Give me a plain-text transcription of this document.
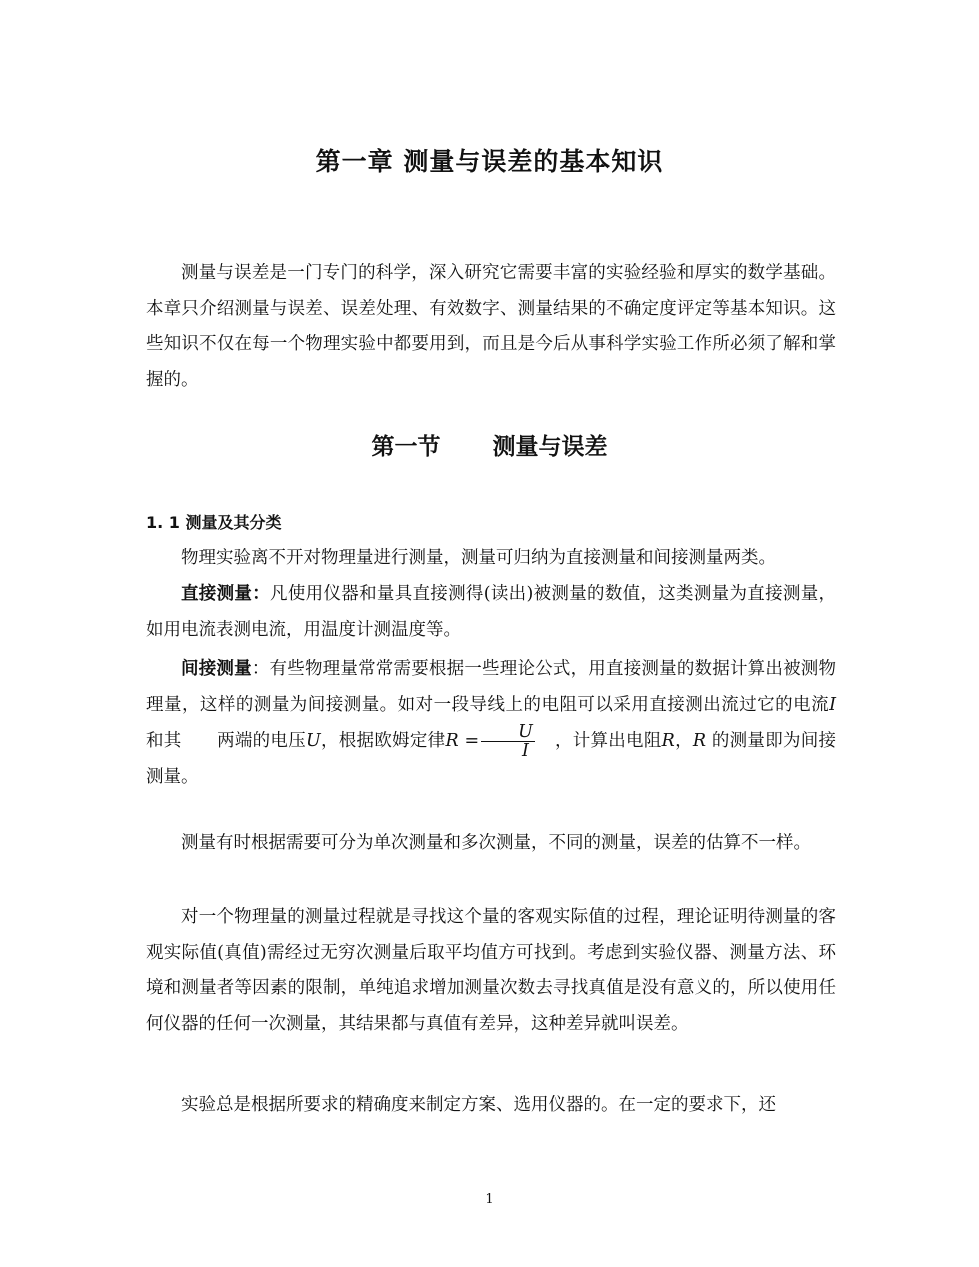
第一章 测量与误差的基本知识

测量与误差是一门专门的科学，深入研究它需要丰富的实验经验和厚实的数学基础。本章只介绍测量与误差、误差处理、有效数字、测量结果的不确定度评定等基本知识。这些知识不仅在每一个物理实验中都要用到，而且是今后从事科学实验工作所必须了解和掌握的。

第一节 测量与误差
1. 1 测量及其分类

物理实验离不开对物理量进行测量，测量可归纳为直接测量和间接测量两类。

直接测量：凡使用仪器和量具直接测得(读出)被测量的数值，这类测量为直接测量，如用电流表测电流，用温度计测温度等。

间接测量：有些物理量常常需要根据一些理论公式，用直接测量的数据计算出被测物理量，这样的测量为间接测量。如对一段导线上的电阻可以采用直接测出流过它的电流I 和其　　两端的电压U，根据欧姆定律$R = \frac{U}{I}$ 　，计算出电阻R，R 的测量即为间接测量。

测量有时根据需要可分为单次测量和多次测量，不同的测量，误差的估算不一样。

对一个物理量的测量过程就是寻找这个量的客观实际值的过程，理论证明待测量的客观实际值(真值)需经过无穷次测量后取平均值方可找到。考虑到实验仪器、测量方法、环境和测量者等因素的限制，单纯追求增加测量次数去寻找真值是没有意义的，所以使用任何仪器的任何一次测量，其结果都与真值有差异，这种差异就叫误差。

实验总是根据所要求的精确度来制定方案、选用仪器的。在一定的要求下，还

1
